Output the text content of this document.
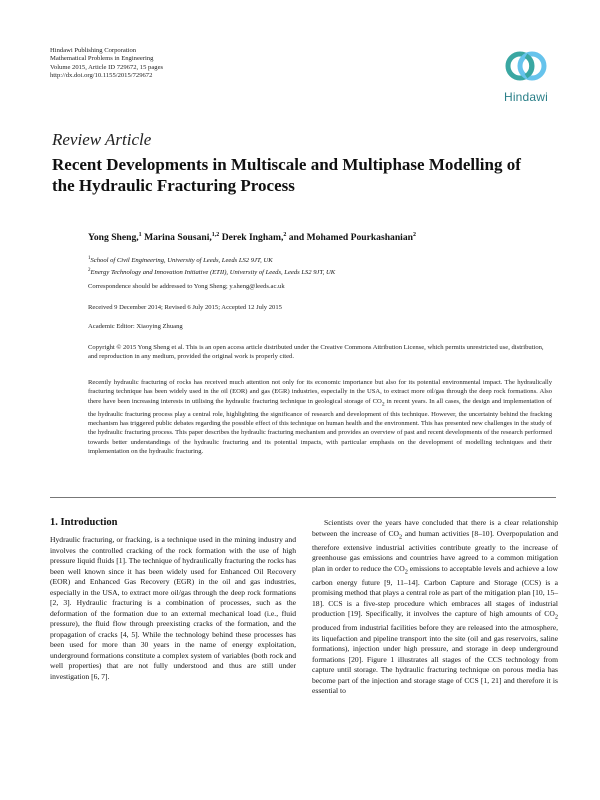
Hindawi Publishing Corporation
Mathematical Problems in Engineering
Volume 2015, Article ID 729672, 15 pages
http://dx.doi.org/10.1155/2015/729672
Hindawi
Review Article
Recent Developments in Multiscale and Multiphase Modelling of
the Hydraulic Fracturing Process
Yong Sheng,$^1$ Marina Sousani,$^{1,2}$ Derek Ingham,$^2$ and Mohamed Pourkashanian$^2$
$^1$School of Civil Engineering, University of Leeds, Leeds LS2 9JT, UK
$^2$Energy Technology and Innovation Initiative (ETII), University of Leeds, Leeds LS2 9JT, UK
Correspondence should be addressed to Yong Sheng; y.sheng@leeds.ac.uk
Received 9 December 2014; Revised 6 July 2015; Accepted 12 July 2015
Academic Editor: Xiaoying Zhuang
Copyright © 2015 Yong Sheng et al. This is an open access article distributed under the Creative Commons Attribution License, which permits unrestricted use, distribution, and reproduction in any medium, provided the original work is properly cited.
Recently hydraulic fracturing of rocks has received much attention not only for its economic importance but also for its potential environmental impact. The hydraulically fracturing technique has been widely used in the oil (EOR) and gas (EGR) industries, especially in the USA, to extract more oil/gas through the deep rock formations. Also there have been increasing interests in utilising the hydraulic fracturing technique in geological storage of $CO_2$ in recent years. In all cases, the design and implementation of the hydraulic fracturing process play a central role, highlighting the significance of research and development of this technique. However, the uncertainty behind the fracking mechanism has triggered public debates regarding the possible effect of this technique on human health and the environment. This has presented new challenges in the study of the hydraulic fracturing process. This paper describes the hydraulic fracturing mechanism and provides an overview of past and recent developments of the research performed towards better understandings of the hydraulic fracturing and its potential impacts, with particular emphasis on the development of modelling techniques and their implementation on the hydraulic fracturing.
1. Introduction

Hydraulic fracturing, or fracking, is a technique used in the mining industry and involves the controlled cracking of the rock formation with the use of high pressure liquid fluids [1]. The technique of hydraulically fracturing the rocks has been well known since it has been widely used for Enhanced Oil Recovery (EOR) and Enhanced Gas Recovery (EGR) in the oil and gas industries, especially in the USA, to extract more oil/gas through the deep rock formations [2, 3]. Hydraulic fracturing is a combination of processes, such as the deformation of the formation due to an external mechanical load (i.e., fluid pressure), the fluid flow through preexisting cracks of the formation, and the propagation of cracks [4, 5]. While the technology behind these processes has been used for more than 30 years in the name of energy exploitation, underground formations constitute a complex system of variables (both rock and well properties) that are not fully understood and thus are still under investigation [6, 7].

Scientists over the years have concluded that there is a clear relationship between the increase of $CO_2$ and human activities [8–10]. Overpopulation and therefore extensive industrial activities contribute greatly to the increase of greenhouse gas emissions and countries have agreed to a common mitigation plan in order to reduce the $CO_2$ emissions to acceptable levels and achieve a low carbon energy future [9, 11–14]. Carbon Capture and Storage (CCS) is a promising method that plays a central role as part of the mitigation plan [10, 15–18]. CCS is a five-step procedure which embraces all stages of industrial production [19]. Specifically, it involves the capture of high amounts of $CO_2$ produced from industrial facilities before they are released into the atmosphere, its liquefaction and pipeline transport into the site (oil and gas reservoirs, saline formations), injection under high pressure, and storage in deep underground formations [20]. Figure 1 illustrates all stages of the CCS technology from capture until storage. The hydraulic fracturing technique on porous media has become part of the injection and storage stage of CCS [1, 21] and therefore it is essential to
